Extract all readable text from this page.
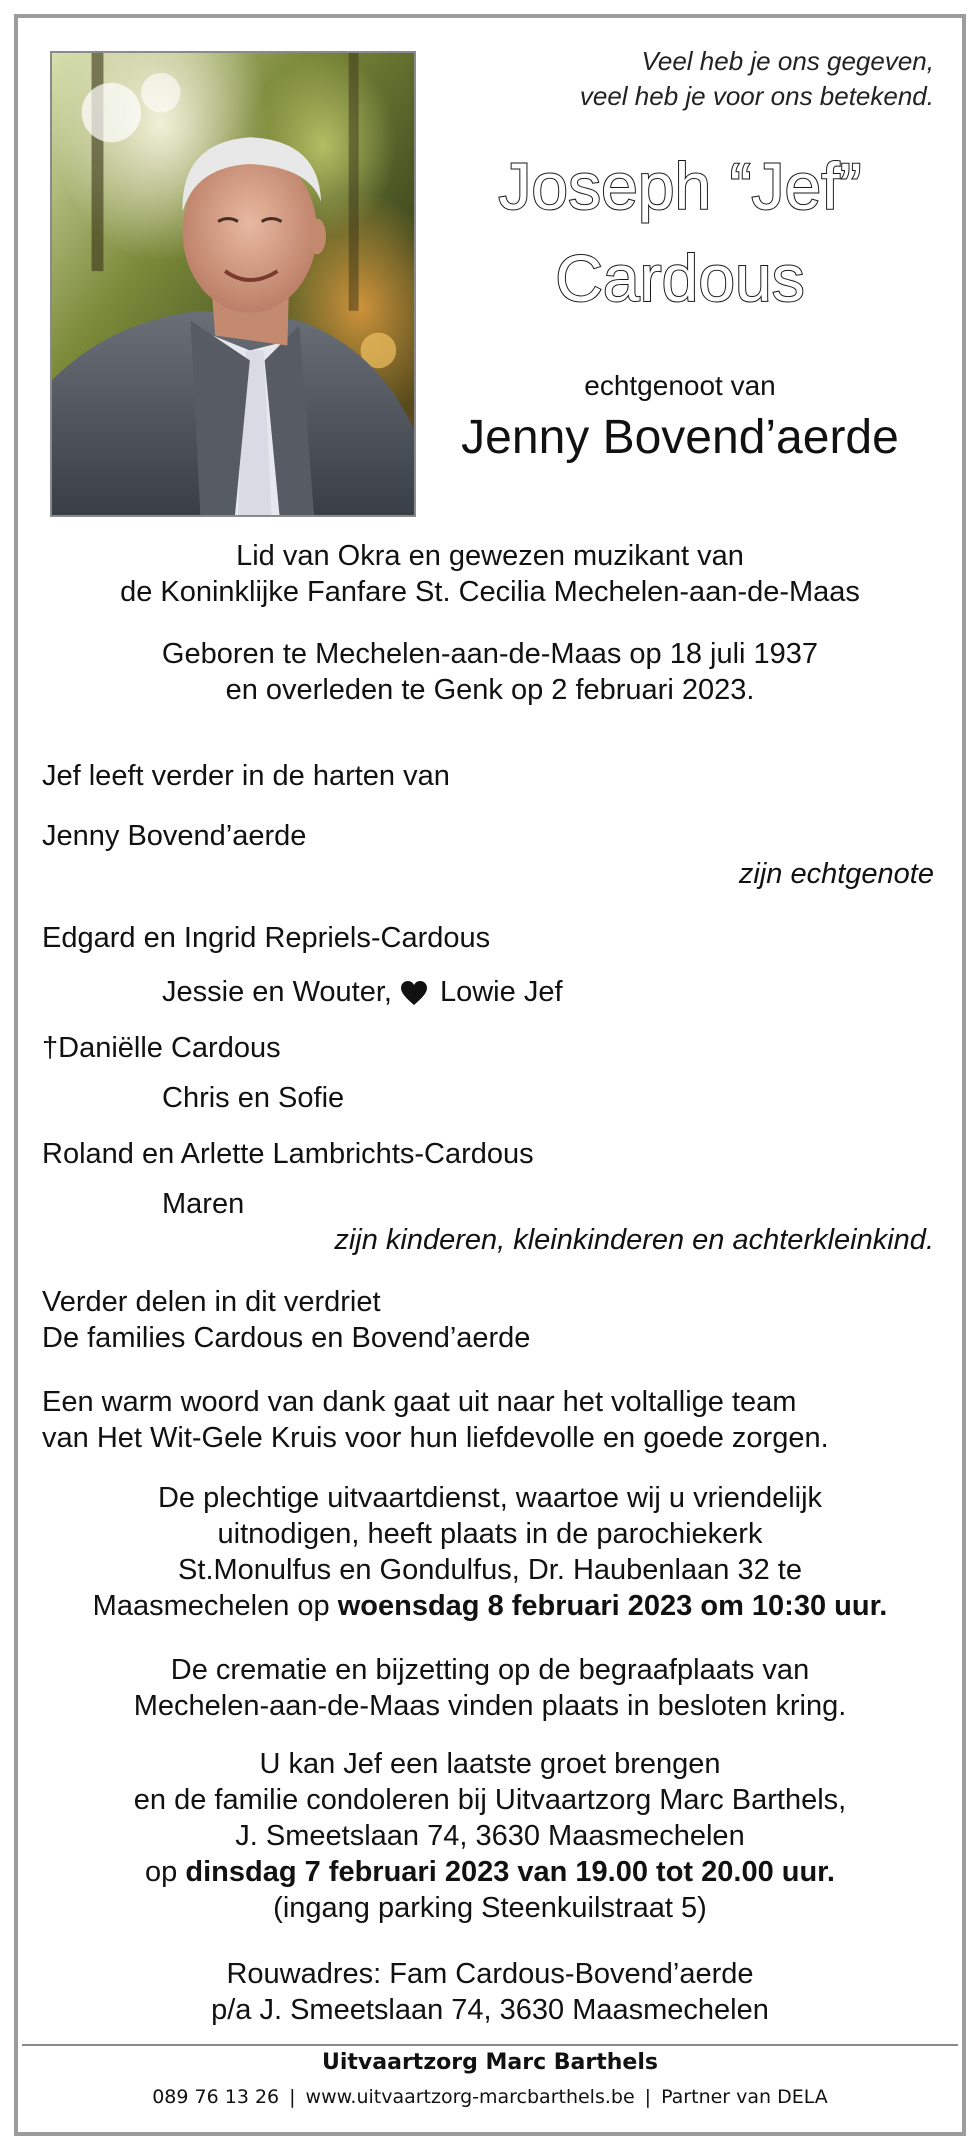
Veel heb je ons gegeven,
veel heb je voor ons betekend.
Joseph “Jef”
Cardous
echtgenoot van
Jenny Bovend’aerde
Lid van Okra en gewezen muzikant van
de Koninklijke Fanfare St. Cecilia Mechelen-aan-de-Maas
Geboren te Mechelen-aan-de-Maas op 18 juli 1937
en overleden te Genk op 2 februari 2023.
Jef leeft verder in de harten van
Jenny Bovend’aerde
zijn echtgenote
Edgard en Ingrid Repriels-Cardous
Jessie en Wouter, Lowie Jef
†Daniëlle Cardous
Chris en Sofie
Roland en Arlette Lambrichts-Cardous
Maren
zijn kinderen, kleinkinderen en achterkleinkind.
Verder delen in dit verdriet
De families Cardous en Bovend’aerde
Een warm woord van dank gaat uit naar het voltallige team
van Het Wit-Gele Kruis voor hun liefdevolle en goede zorgen.
De plechtige uitvaartdienst, waartoe wij u vriendelijk
uitnodigen, heeft plaats in de parochiekerk
St.Monulfus en Gondulfus, Dr. Haubenlaan 32 te
Maasmechelen op woensdag 8 februari 2023 om 10:30 uur.
De crematie en bijzetting op de begraafplaats van
Mechelen-aan-de-Maas vinden plaats in besloten kring.
U kan Jef een laatste groet brengen
en de familie condoleren bij Uitvaartzorg Marc Barthels,
J. Smeetslaan 74, 3630 Maasmechelen
op dinsdag 7 februari 2023 van 19.00 tot 20.00 uur.
(ingang parking Steenkuilstraat 5)
Rouwadres: Fam Cardous-Bovend’aerde
p/a J. Smeetslaan 74, 3630 Maasmechelen
Uitvaartzorg Marc Barthels
089 76 13 26 | www.uitvaartzorg-marcbarthels.be | Partner van DELA
